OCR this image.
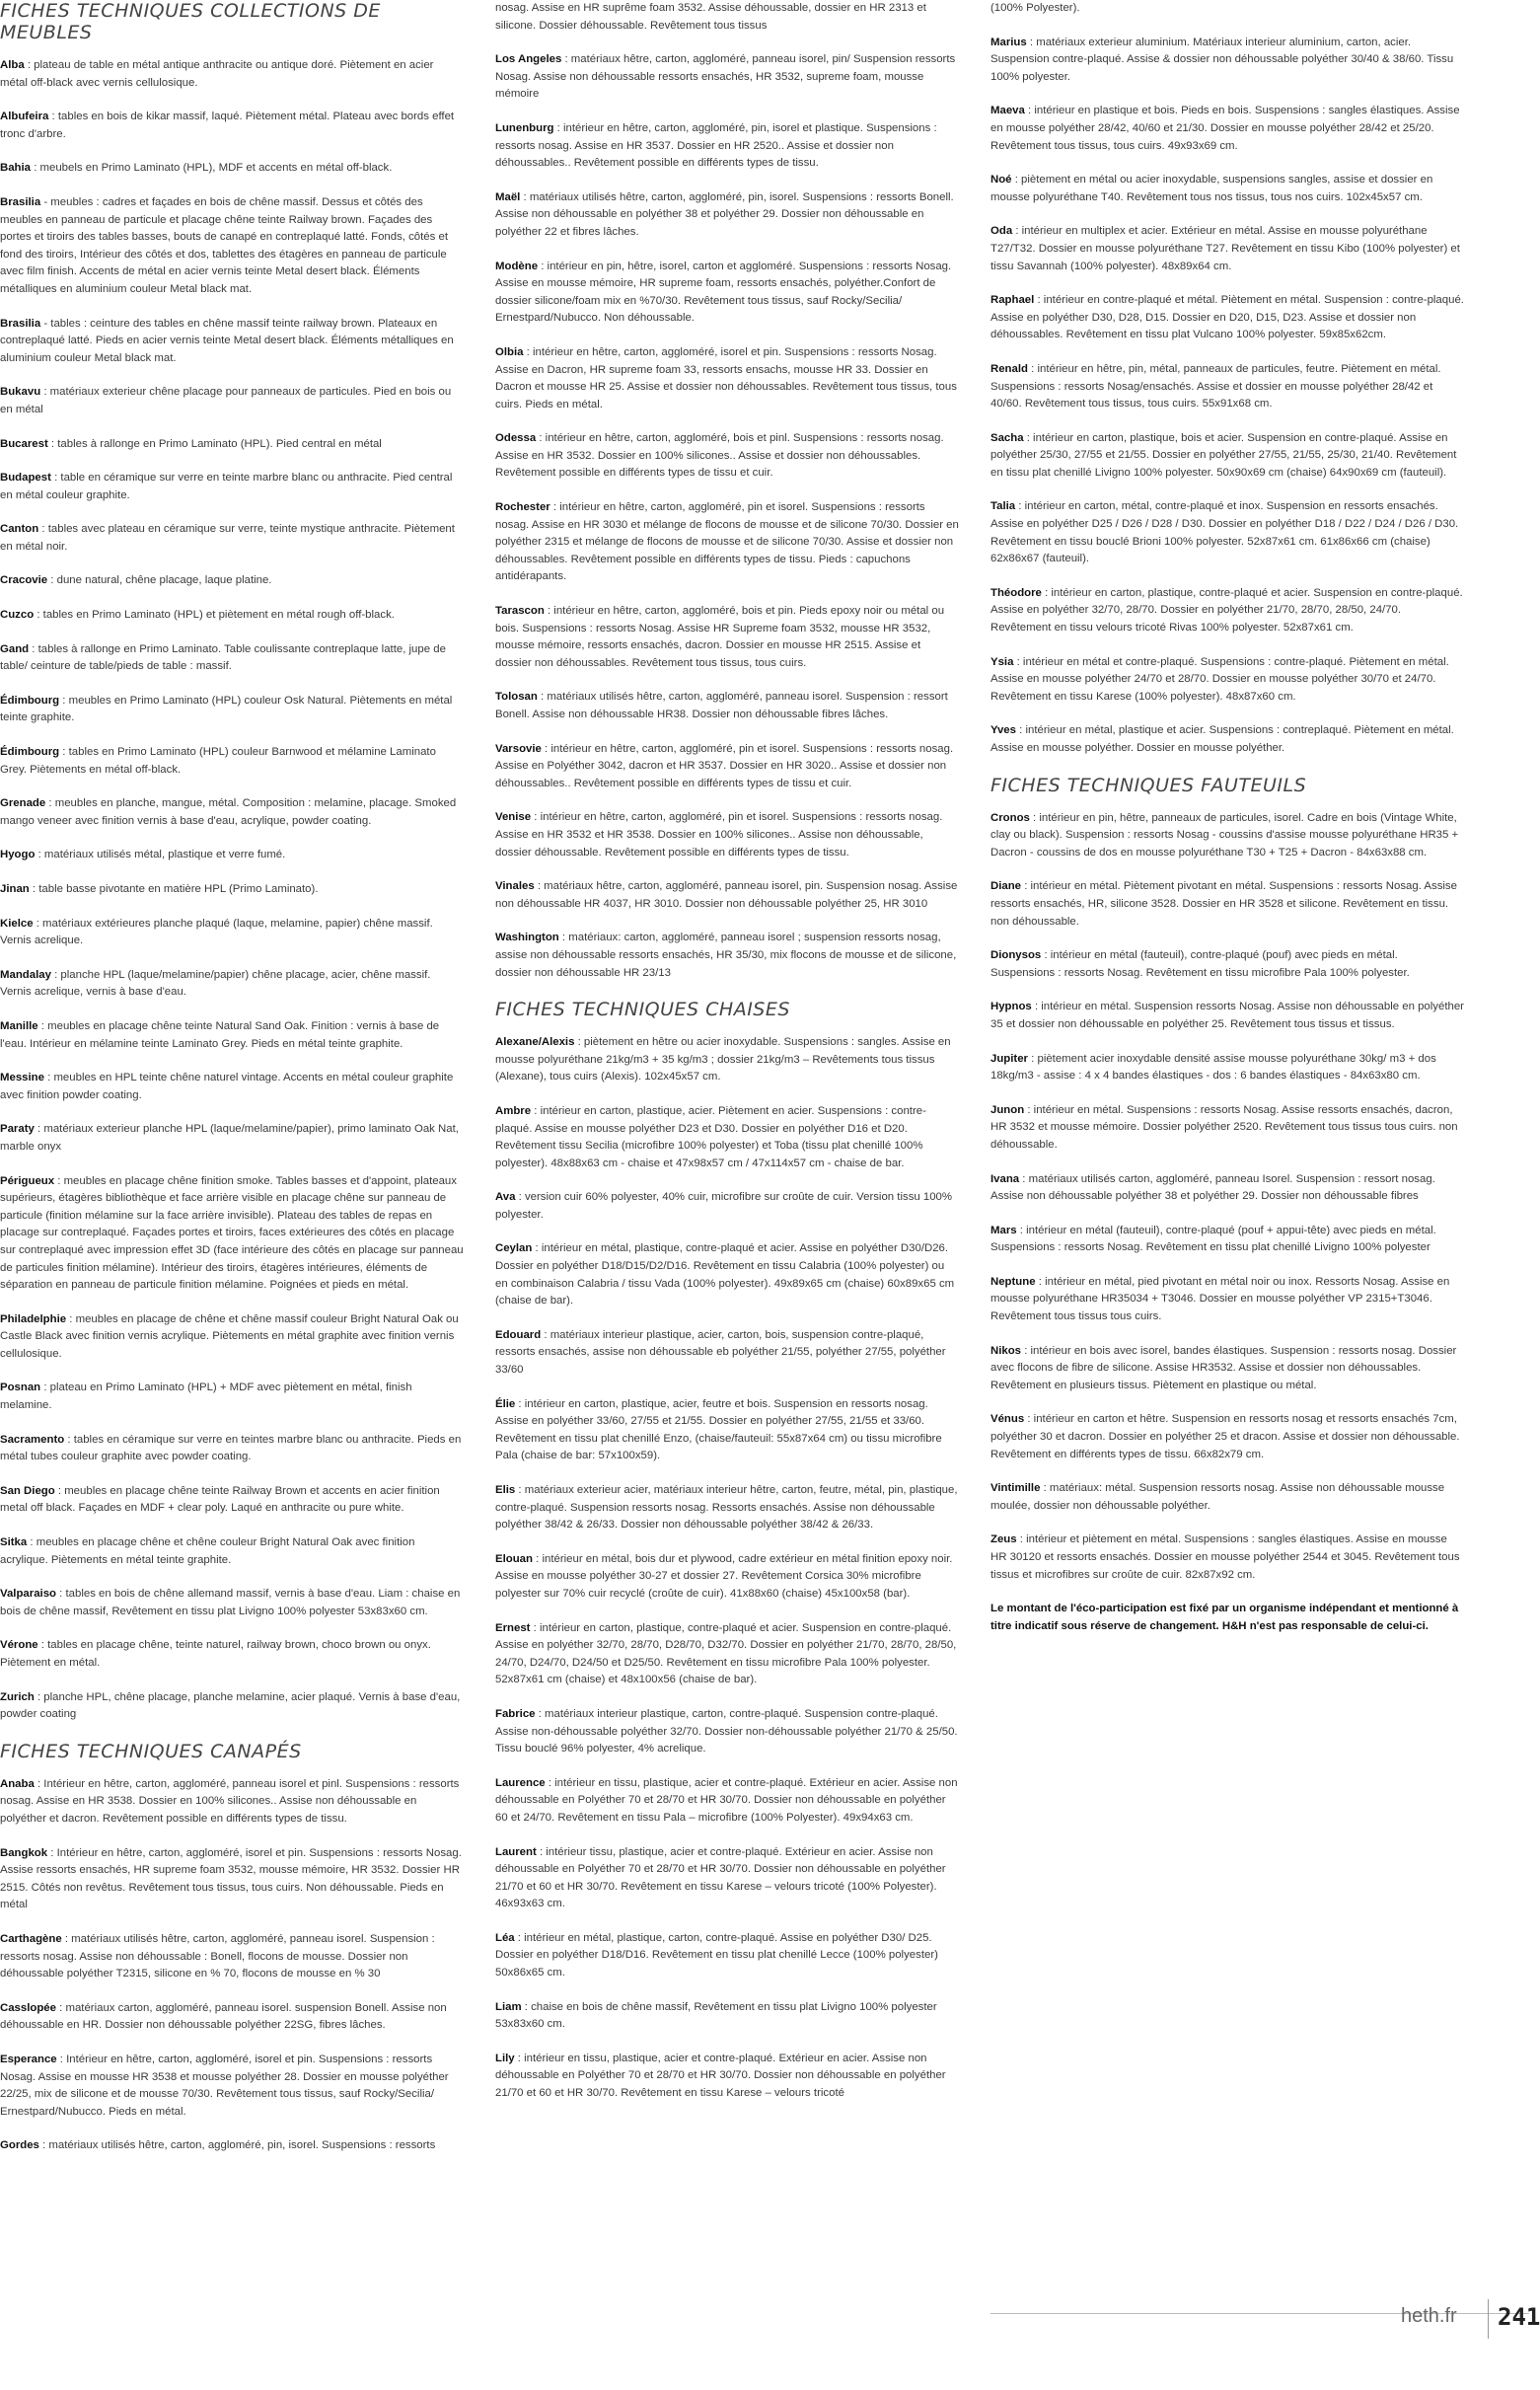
FICHES TECHNIQUES COLLECTIONS DE MEUBLES
Alba : plateau de table en métal antique anthracite ou antique doré. Piètement en acier métal off-black avec vernis cellulosique.
Albufeira : tables en bois de kikar massif, laqué. Piètement métal. Plateau avec bords effet tronc d'arbre.
Bahia : meubels en Primo Laminato (HPL), MDF et accents en métal off-black.
Brasilia - meubles : cadres et façades en bois de chêne massif. Dessus et côtés des meubles en panneau de particule et placage chêne teinte Railway brown. Façades des portes et tiroirs des tables basses, bouts de canapé en contreplaqué latté. Fonds, côtés et fond des tiroirs, Intérieur des côtés et dos, tablettes des étagères en panneau de particule avec film finish. Accents de métal en acier vernis teinte Metal desert black. Éléments métalliques en aluminium couleur Metal black mat.
Brasilia - tables : ceinture des tables en chêne massif teinte railway brown. Plateaux en contreplaqué latté. Pieds en acier vernis teinte Metal desert black. Éléments métalliques en aluminium couleur Metal black mat.
Bukavu : matériaux exterieur chêne placage pour panneaux de particules. Pied en bois ou en métal
Bucarest : tables à rallonge en Primo Laminato (HPL). Pied central en métal
Budapest : table en céramique sur verre en teinte marbre blanc ou anthracite. Pied central en métal couleur graphite.
Canton : tables avec plateau en céramique sur verre, teinte mystique anthracite. Piètement en métal noir.
Cracovie : dune natural, chêne placage, laque platine.
Cuzco : tables en Primo Laminato (HPL) et piètement en métal rough off-black.
Gand : tables à rallonge en Primo Laminato. Table coulissante contreplaque latte, jupe de table/ ceinture de table/pieds de table : massif.
Édimbourg : meubles en Primo Laminato (HPL) couleur Osk Natural. Piètements en métal teinte graphite.
Édimbourg : tables en Primo Laminato (HPL) couleur Barnwood et mélamine Laminato Grey. Piètements en métal off-black.
Grenade : meubles en planche, mangue, métal. Composition : melamine, placage. Smoked mango veneer avec finition vernis à base d'eau, acrylique, powder coating.
Hyogo : matériaux utilisés métal, plastique et verre fumé.
Jinan : table basse pivotante en matière HPL (Primo Laminato).
Kielce : matériaux extérieures planche plaqué (laque, melamine, papier) chêne massif. Vernis acrelique.
Mandalay : planche HPL (laque/melamine/papier) chêne placage, acier, chêne massif. Vernis acrelique, vernis à base d'eau.
Manille : meubles en placage chêne teinte Natural Sand Oak. Finition : vernis à base de l'eau. Intérieur en mélamine teinte Laminato Grey. Pieds en métal teinte graphite.
Messine : meubles en HPL teinte chêne naturel vintage. Accents en métal couleur graphite avec finition powder coating.
Paraty : matériaux exterieur planche HPL (laque/melamine/papier), primo laminato Oak Nat, marble onyx
Périgueux : meubles en placage chêne finition smoke. Tables basses et d'appoint, plateaux supérieurs, étagères bibliothèque et face arrière visible en placage chêne sur panneau de particule (finition mélamine sur la face arrière invisible). Plateau des tables de repas en placage sur contreplaqué. Façades portes et tiroirs, faces extérieures des côtés en placage sur contreplaqué avec impression effet 3D (face intérieure des côtés en placage sur panneau de particules finition mélamine). Intérieur des tiroirs, étagères intérieures, éléments de séparation en panneau de particule finition mélamine. Poignées et pieds en métal.
Philadelphie : meubles en placage de chêne et chêne massif couleur Bright Natural Oak ou Castle Black avec finition vernis acrylique. Piètements en métal graphite avec finition vernis cellulosique.
Posnan : plateau en Primo Laminato (HPL) + MDF avec piètement en métal, finish melamine.
Sacramento : tables en céramique sur verre en teintes marbre blanc ou anthracite. Pieds en métal tubes couleur graphite avec powder coating.
San Diego : meubles en placage chêne teinte Railway Brown et accents en acier finition metal off black. Façades en MDF + clear poly. Laqué en anthracite ou pure white.
Sitka : meubles en placage chêne et chêne couleur Bright Natural Oak avec finition acrylique. Piètements en métal teinte graphite.
Valparaiso : tables en bois de chêne allemand massif, vernis à base d'eau. Liam : chaise en bois de chêne massif, Revêtement en tissu plat Livigno 100% polyester 53x83x60 cm.
Vérone : tables en placage chêne, teinte naturel, railway brown, choco brown ou onyx. Piètement en métal.
Zurich : planche HPL, chêne placage, planche melamine, acier plaqué. Vernis à base d'eau, powder coating
FICHES TECHNIQUES CANAPÉS
Anaba : Intérieur en hêtre, carton, aggloméré, panneau isorel et pinl. Suspensions : ressorts nosag. Assise en HR 3538. Dossier en 100% silicones.. Assise non déhoussable en polyéther et dacron. Revêtement possible en différents types de tissu.
Bangkok : Intérieur en hêtre, carton, aggloméré, isorel et pin. Suspensions : ressorts Nosag. Assise ressorts ensachés, HR supreme foam 3532, mousse mémoire, HR 3532. Dossier HR 2515. Côtés non revêtus. Revêtement tous tissus, tous cuirs. Non déhoussable. Pieds en métal
Carthagène : matériaux utilisés hêtre, carton, aggloméré, panneau isorel. Suspension : ressorts nosag. Assise non déhoussable : Bonell, flocons de mousse. Dossier non déhoussable polyéther T2315, silicone en % 70, flocons de mousse en % 30
Casslopée : matériaux carton, aggloméré, panneau isorel. suspension Bonell. Assise non déhoussable en HR. Dossier non déhoussable polyéther 22SG, fibres lâches.
Esperance : Intérieur en hêtre, carton, aggloméré, isorel et pin. Suspensions : ressorts Nosag. Assise en mousse HR 3538 et mousse polyéther 28. Dossier en mousse polyéther 22/25, mix de silicone et de mousse 70/30. Revêtement tous tissus, sauf Rocky/Secilia/ Ernestpard/Nubucco. Pieds en métal.
Gordes : matériaux utilisés hêtre, carton, aggloméré, pin, isorel. Suspensions : ressorts
nosag. Assise en HR suprême foam 3532. Assise déhoussable, dossier en HR 2313 et silicone. Dossier déhoussable. Revêtement tous tissus
Los Angeles : matériaux hêtre, carton, aggloméré, panneau isorel, pin/ Suspension ressorts Nosag. Assise non déhoussable ressorts ensachés, HR 3532, supreme foam, mousse mémoire
Lunenburg : intérieur en hêtre, carton, aggloméré, pin, isorel et plastique. Suspensions : ressorts nosag. Assise en HR 3537. Dossier en HR 2520.. Assise et dossier non déhoussables.. Revêtement possible en différents types de tissu.
Maël : matériaux utilisés hêtre, carton, aggloméré, pin, isorel. Suspensions : ressorts Bonell. Assise non déhoussable en polyéther 38 et polyéther 29. Dossier non déhoussable en polyéther 22 et fibres lâches.
Modène : intérieur en pin, hêtre, isorel, carton et aggloméré. Suspensions : ressorts Nosag. Assise en mousse mémoire, HR supreme foam, ressorts ensachés, polyéther.Confort de dossier silicone/foam mix en %70/30. Revêtement tous tissus, sauf Rocky/Secilia/ Ernestpard/Nubucco. Non déhoussable.
Olbia : intérieur en hêtre, carton, aggloméré, isorel et pin. Suspensions : ressorts Nosag. Assise en Dacron, HR supreme foam 33, ressorts ensachs, mousse HR 33. Dossier en Dacron et mousse HR 25. Assise et dossier non déhoussables. Revêtement tous tissus, tous cuirs. Pieds en métal.
Odessa : intérieur en hêtre, carton, aggloméré, bois et pinl. Suspensions : ressorts nosag. Assise en HR 3532. Dossier en 100% silicones.. Assise et dossier non déhoussables. Revêtement possible en différents types de tissu et cuir.
Rochester : intérieur en hêtre, carton, aggloméré, pin et isorel. Suspensions : ressorts nosag. Assise en HR 3030 et mélange de flocons de mousse et de silicone 70/30. Dossier en polyéther 2315 et mélange de flocons de mousse et de silicone 70/30. Assise et dossier non déhoussables. Revêtement possible en différents types de tissu. Pieds : capuchons antidérapants.
Tarascon : intérieur en hêtre, carton, aggloméré, bois et pin. Pieds epoxy noir ou métal ou bois. Suspensions : ressorts Nosag. Assise HR Supreme foam 3532, mousse HR 3532, mousse mémoire, ressorts ensachés, dacron. Dossier en mousse HR 2515. Assise et dossier non déhoussables. Revêtement tous tissus, tous cuirs.
Tolosan : matériaux utilisés hêtre, carton, aggloméré, panneau isorel. Suspension : ressort Bonell. Assise non déhoussable HR38. Dossier non déhoussable fibres lâches.
Varsovie : intérieur en hêtre, carton, aggloméré, pin et isorel. Suspensions : ressorts nosag. Assise en Polyéther 3042, dacron et HR 3537. Dossier en HR 3020.. Assise et dossier non déhoussables.. Revêtement possible en différents types de tissu et cuir.
Venise : intérieur en hêtre, carton, aggloméré, pin et isorel. Suspensions : ressorts nosag. Assise en HR 3532 et HR 3538. Dossier en 100% silicones.. Assise non déhoussable, dossier déhoussable. Revêtement possible en différents types de tissu.
Vinales : matériaux hêtre, carton, aggloméré, panneau isorel, pin. Suspension nosag. Assise non déhoussable HR 4037, HR 3010. Dossier non déhoussable polyéther 25, HR 3010
Washington : matériaux: carton, aggloméré, panneau isorel ; suspension ressorts nosag, assise non déhoussable ressorts ensachés, HR 35/30, mix flocons de mousse et de silicone, dossier non déhoussable HR 23/13
FICHES TECHNIQUES CHAISES
Alexane/Alexis : piètement en hêtre ou acier inoxydable. Suspensions : sangles. Assise en mousse polyuréthane 21kg/m3 + 35 kg/m3 ; dossier 21kg/m3 – Revêtements tous tissus (Alexane), tous cuirs (Alexis). 102x45x57 cm.
Ambre : intérieur en carton, plastique, acier. Piètement en acier. Suspensions : contre-plaqué. Assise en mousse polyéther D23 et D30. Dossier en polyéther D16 et D20. Revêtement tissu Secilia (microfibre 100% polyester) et Toba (tissu plat chenillé 100% polyester). 48x88x63 cm - chaise et 47x98x57 cm / 47x114x57 cm - chaise de bar.
Ava : version cuir 60% polyester, 40% cuir, microfibre sur croûte de cuir. Version tissu 100% polyester.
Ceylan : intérieur en métal, plastique, contre-plaqué et acier. Assise en polyéther D30/D26. Dossier en polyéther D18/D15/D2/D16. Revêtement en tissu Calabria (100% polyester) ou en combinaison Calabria / tissu Vada (100% polyester). 49x89x65 cm (chaise) 60x89x65 cm (chaise de bar).
Edouard : matériaux interieur plastique, acier, carton, bois, suspension contre-plaqué, ressorts ensachés, assise non déhoussable eb polyéther 21/55, polyéther 27/55, polyéther 33/60
Élie : intérieur en carton, plastique, acier, feutre et bois. Suspension en ressorts nosag. Assise en polyéther 33/60, 27/55 et 21/55. Dossier en polyéther 27/55, 21/55 et 33/60. Revêtement en tissu plat chenillé Enzo, (chaise/fauteuil: 55x87x64 cm) ou tissu microfibre Pala (chaise de bar: 57x100x59).
Elis : matériaux exterieur acier, matériaux interieur hêtre, carton, feutre, métal, pin, plastique, contre-plaqué. Suspension ressorts nosag. Ressorts ensachés. Assise non déhoussable polyéther 38/42 & 26/33. Dossier non déhoussable polyéther 38/42 & 26/33.
Elouan : intérieur en métal, bois dur et plywood, cadre extérieur en métal finition epoxy noir. Assise en mousse polyéther 30-27 et dossier 27. Revêtement Corsica 30% microfibre polyester sur 70% cuir recyclé (croûte de cuir). 41x88x60 (chaise) 45x100x58 (bar).
Ernest : intérieur en carton, plastique, contre-plaqué et acier. Suspension en contre-plaqué. Assise en polyéther 32/70, 28/70, D28/70, D32/70. Dossier en polyéther 21/70, 28/70, 28/50, 24/70, D24/70, D24/50 et D25/50. Revêtement en tissu microfibre Pala 100% polyester. 52x87x61 cm (chaise) et 48x100x56 (chaise de bar).
Fabrice : matériaux interieur plastique, carton, contre-plaqué. Suspension contre-plaqué. Assise non-déhoussable polyéther 32/70. Dossier non-déhoussable polyéther 21/70 & 25/50. Tissu bouclé 96% polyester, 4% acrelique.
Laurence : intérieur en tissu, plastique, acier et contre-plaqué. Extérieur en acier. Assise non déhoussable en Polyéther 70 et 28/70 et HR 30/70. Dossier non déhoussable en polyéther 60 et 24/70. Revêtement en tissu Pala – microfibre (100% Polyester). 49x94x63 cm.
Laurent : intérieur tissu, plastique, acier et contre-plaqué. Extérieur en acier. Assise non déhoussable en Polyéther 70 et 28/70 et HR 30/70. Dossier non déhoussable en polyéther 21/70 et 60 et HR 30/70. Revêtement en tissu Karese – velours tricoté (100% Polyester). 46x93x63 cm.
Léa : intérieur en métal, plastique, carton, contre-plaqué. Assise en polyéther D30/ D25. Dossier en polyéther D18/D16. Revêtement en tissu plat chenillé Lecce (100% polyester) 50x86x65 cm.
Liam : chaise en bois de chêne massif, Revêtement en tissu plat Livigno 100% polyester 53x83x60 cm.
Lily : intérieur en tissu, plastique, acier et contre-plaqué. Extérieur en acier. Assise non déhoussable en Polyéther 70 et 28/70 et HR 30/70. Dossier non déhoussable en polyéther 21/70 et 60 et HR 30/70. Revêtement en tissu Karese – velours tricoté
(100% Polyester).
Marius : matériaux exterieur aluminium. Matériaux interieur aluminium, carton, acier. Suspension contre-plaqué. Assise & dossier non déhoussable polyéther 30/40 & 38/60. Tissu 100% polyester.
Maeva : intérieur en plastique et bois. Pieds en bois. Suspensions : sangles élastiques. Assise en mousse polyéther 28/42, 40/60 et 21/30. Dossier en mousse polyéther 28/42 et 25/20. Revêtement tous tissus, tous cuirs. 49x93x69 cm.
Noé : piètement en métal ou acier inoxydable, suspensions sangles, assise et dossier en mousse polyuréthane T40. Revêtement tous nos tissus, tous nos cuirs. 102x45x57 cm.
Oda : intérieur en multiplex et acier. Extérieur en métal. Assise en mousse polyuréthane T27/T32. Dossier en mousse polyuréthane T27. Revêtement en tissu Kibo (100% polyester) et tissu Savannah (100% polyester). 48x89x64 cm.
Raphael : intérieur en contre-plaqué et métal. Piètement en métal. Suspension : contre-plaqué. Assise en polyéther D30, D28, D15. Dossier en D20, D15, D23. Assise et dossier non déhoussables. Revêtement en tissu plat Vulcano 100% polyester. 59x85x62cm.
Renald : intérieur en hêtre, pin, métal, panneaux de particules, feutre. Piètement en métal. Suspensions : ressorts Nosag/ensachés. Assise et dossier en mousse polyéther 28/42 et 40/60. Revêtement tous tissus, tous cuirs. 55x91x68 cm.
Sacha : intérieur en carton, plastique, bois et acier. Suspension en contre-plaqué. Assise en polyéther 25/30, 27/55 et 21/55. Dossier en polyéther 27/55, 21/55, 25/30, 21/40. Revêtement en tissu plat chenillé Livigno 100% polyester. 50x90x69 cm (chaise) 64x90x69 cm (fauteuil).
Talia : intérieur en carton, métal, contre-plaqué et inox. Suspension en ressorts ensachés. Assise en polyéther D25 / D26 / D28 / D30. Dossier en polyéther D18 / D22 / D24 / D26 / D30. Revêtement en tissu bouclé Brioni 100% polyester. 52x87x61 cm. 61x86x66 cm (chaise) 62x86x67 (fauteuil).
Théodore : intérieur en carton, plastique, contre-plaqué et acier. Suspension en contre-plaqué. Assise en polyéther 32/70, 28/70. Dossier en polyéther 21/70, 28/70, 28/50, 24/70. Revêtement en tissu velours tricoté Rivas 100% polyester. 52x87x61 cm.
Ysia : intérieur en métal et contre-plaqué. Suspensions : contre-plaqué. Piètement en métal. Assise en mousse polyéther 24/70 et 28/70. Dossier en mousse polyéther 30/70 et 24/70. Revêtement en tissu Karese (100% polyester). 48x87x60 cm.
Yves : intérieur en métal, plastique et acier. Suspensions : contreplaqué. Piètement en métal. Assise en mousse polyéther. Dossier en mousse polyéther.
FICHES TECHNIQUES FAUTEUILS
Cronos : intérieur en pin, hêtre, panneaux de particules, isorel. Cadre en bois (Vintage White, clay ou black). Suspension : ressorts Nosag - coussins d'assise mousse polyuréthane HR35 + Dacron - coussins de dos en mousse polyuréthane T30 + T25 + Dacron - 84x63x88 cm.
Diane : intérieur en métal. Piètement pivotant en métal. Suspensions : ressorts Nosag. Assise ressorts ensachés, HR, silicone 3528. Dossier en HR 3528 et silicone. Revêtement en tissu. non déhoussable.
Dionysos : intérieur en métal (fauteuil), contre-plaqué (pouf) avec pieds en métal. Suspensions : ressorts Nosag. Revêtement en tissu microfibre Pala 100% polyester.
Hypnos : intérieur en métal. Suspension ressorts Nosag. Assise non déhoussable en polyéther 35 et dossier non déhoussable en polyéther 25. Revêtement tous tissus et tissus.
Jupiter : piètement acier inoxydable densité assise mousse polyuréthane 30kg/ m3 + dos 18kg/m3 - assise : 4 x 4 bandes élastiques - dos : 6 bandes élastiques - 84x63x80 cm.
Junon : intérieur en métal. Suspensions : ressorts Nosag. Assise ressorts ensachés, dacron, HR 3532 et mousse mémoire. Dossier polyéther 2520. Revêtement tous tissus tous cuirs. non déhoussable.
Ivana : matériaux utilisés carton, aggloméré, panneau Isorel. Suspension : ressort nosag. Assise non déhoussable polyéther 38 et polyéther 29. Dossier non déhoussable fibres
Mars : intérieur en métal (fauteuil), contre-plaqué (pouf + appui-tête) avec pieds en métal. Suspensions : ressorts Nosag. Revêtement en tissu plat chenillé Livigno 100% polyester
Neptune : intérieur en métal, pied pivotant en métal noir ou inox. Ressorts Nosag. Assise en mousse polyuréthane HR35034 + T3046. Dossier en mousse polyéther VP 2315+T3046. Revêtement tous tissus tous cuirs.
Nikos : intérieur en bois avec isorel, bandes élastiques. Suspension : ressorts nosag. Dossier avec flocons de fibre de silicone. Assise HR3532. Assise et dossier non déhoussables. Revêtement en plusieurs tissus. Piètement en plastique ou métal.
Vénus : intérieur en carton et hêtre. Suspension en ressorts nosag et ressorts ensachés 7cm, polyéther 30 et dacron. Dossier en polyéther 25 et dracon. Assise et dossier non déhoussable. Revêtement en différents types de tissu. 66x82x79 cm.
Vintimille : matériaux: métal. Suspension ressorts nosag. Assise non déhoussable mousse moulée, dossier non déhoussable polyéther.
Zeus : intérieur et piètement en métal. Suspensions : sangles élastiques. Assise en mousse HR 30120 et ressorts ensachés. Dossier en mousse polyéther 2544 et 3045. Revêtement tous tissus et microfibres sur croûte de cuir. 82x87x92 cm.
Le montant de l'éco-participation est fixé par un organisme indépendant et mentionné à titre indicatif sous réserve de changement. H&H n'est pas responsable de celui-ci.
heth.fr 241
